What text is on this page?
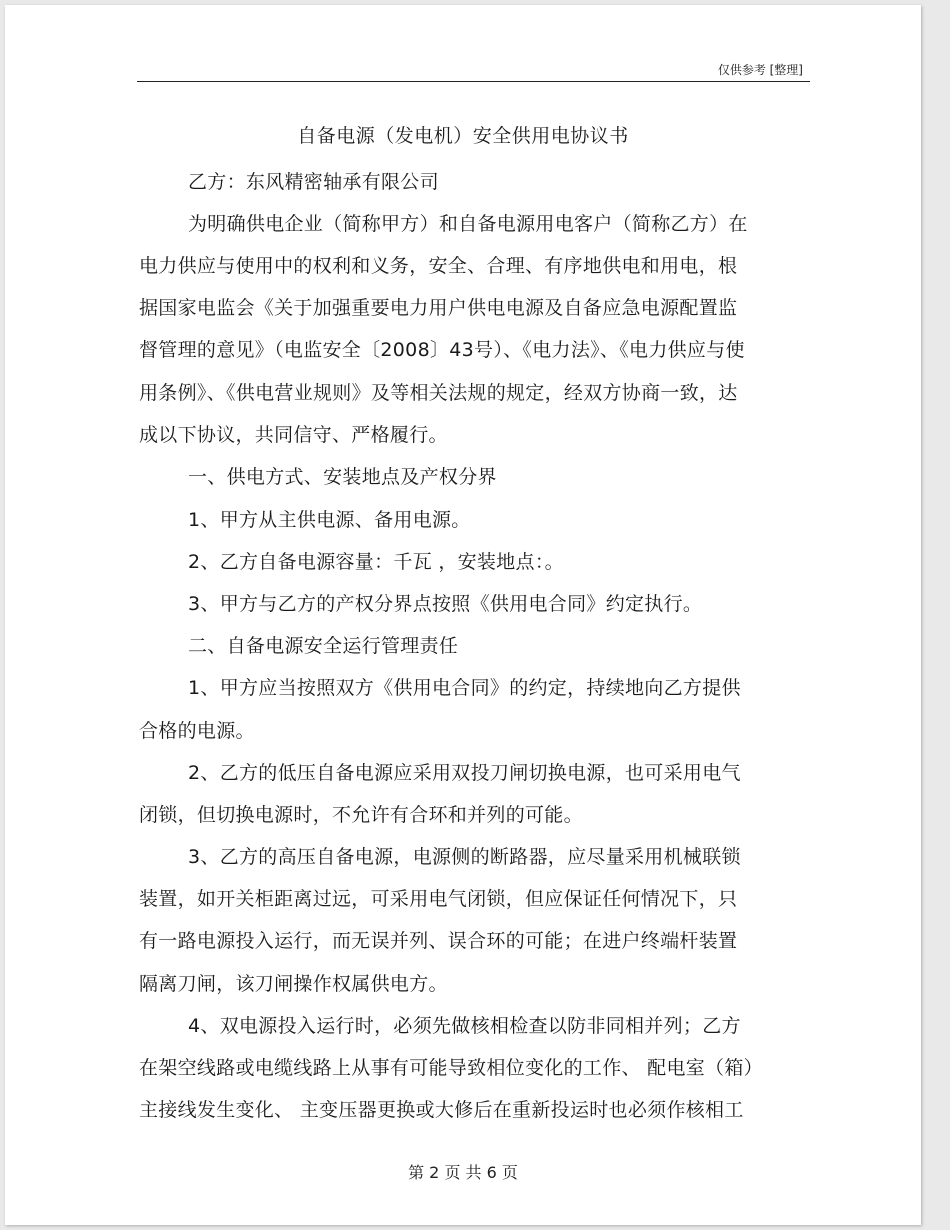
仅供参考 [整理]
自备电源（发电机）安全供用电协议书
乙方：东风精密轴承有限公司
为明确供电企业（简称甲方）和自备电源用电客户（简称乙方）在
电力供应与使用中的权利和义务，安全、合理、有序地供电和用电，根
据国家电监会《关于加强重要电力用户供电电源及自备应急电源配置监
督管理的意见》（电监安全〔2008〕43号）、《电力法》、《电力供应与使
用条例》、《供电营业规则》及等相关法规的规定，经双方协商一致，达
成以下协议，共同信守、严格履行。
一、供电方式、安装地点及产权分界
1、甲方从主供电源、备用电源。
2、乙方自备电源容量：千瓦 ，安装地点：。
3、甲方与乙方的产权分界点按照《供用电合同》约定执行。
二、自备电源安全运行管理责任
1、甲方应当按照双方《供用电合同》的约定，持续地向乙方提供
合格的电源。
2、乙方的低压自备电源应采用双投刀闸切换电源，也可采用电气
闭锁，但切换电源时，不允许有合环和并列的可能。
3、乙方的高压自备电源，电源侧的断路器，应尽量采用机械联锁
装置，如开关柜距离过远，可采用电气闭锁，但应保证任何情况下，只
有一路电源投入运行，而无误并列、误合环的可能；在进户终端杆装置
隔离刀闸，该刀闸操作权属供电方。
4、双电源投入运行时，必须先做核相检查以防非同相并列；乙方
在架空线路或电缆线路上从事有可能导致相位变化的工作、 配电室（箱）
主接线发生变化、 主变压器更换或大修后在重新投运时也必须作核相工
第 2 页 共 6 页
